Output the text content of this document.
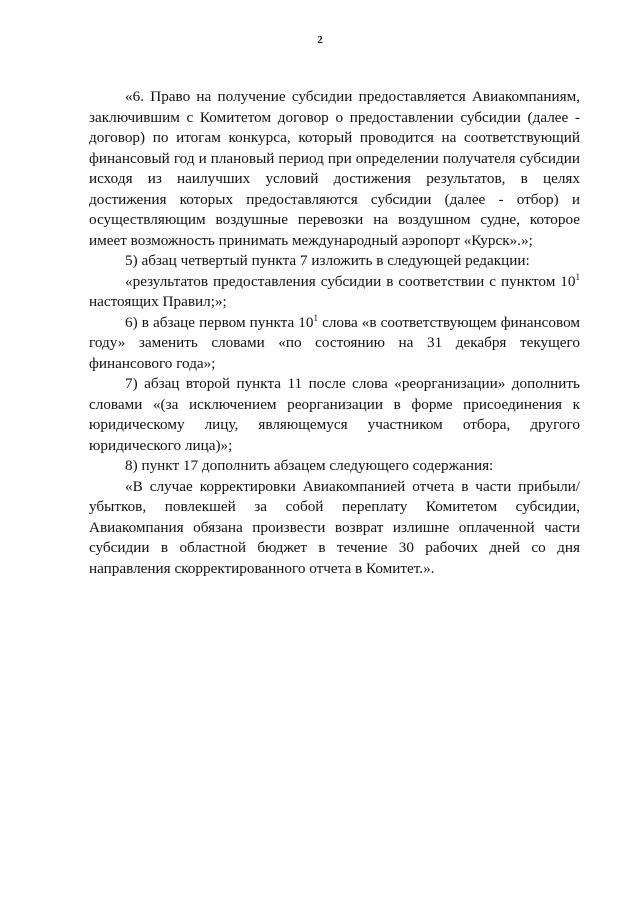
2

«6. Право на получение субсидии предоставляется Авиакомпаниям, заключившим с Комитетом договор о предоставлении субсидии (далее - договор) по итогам конкурса, который проводится на соответствующий финансовый год и плановый период при определении получателя субсидии исходя из наилучших условий достижения результатов, в целях достижения которых предоставляются субсидии (далее - отбор) и осуществляющим воздушные перевозки на воздушном судне, которое имеет возможность принимать международный аэропорт «Курск».»;

5) абзац четвертый пункта 7 изложить в следующей редакции:

«результатов предоставления субсидии в соответствии с пунктом $10^1$ настоящих Правил;»;

6) в абзаце первом пункта $10^1$ слова «в соответствующем финансовом году» заменить словами «по состоянию на 31 декабря текущего финансового года»;

7) абзац второй пункта 11 после слова «реорганизации» дополнить словами «(за исключением реорганизации в форме присоединения к юридическому лицу, являющемуся участником отбора, другого юридического лица)»;

8) пункт 17 дополнить абзацем следующего содержания:

«В случае корректировки Авиакомпанией отчета в части прибыли/убытков, повлекшей за собой переплату Комитетом субсидии, Авиакомпания обязана произвести возврат излишне оплаченной части субсидии в областной бюджет в течение 30 рабочих дней со дня направления скорректированного отчета в Комитет.».
